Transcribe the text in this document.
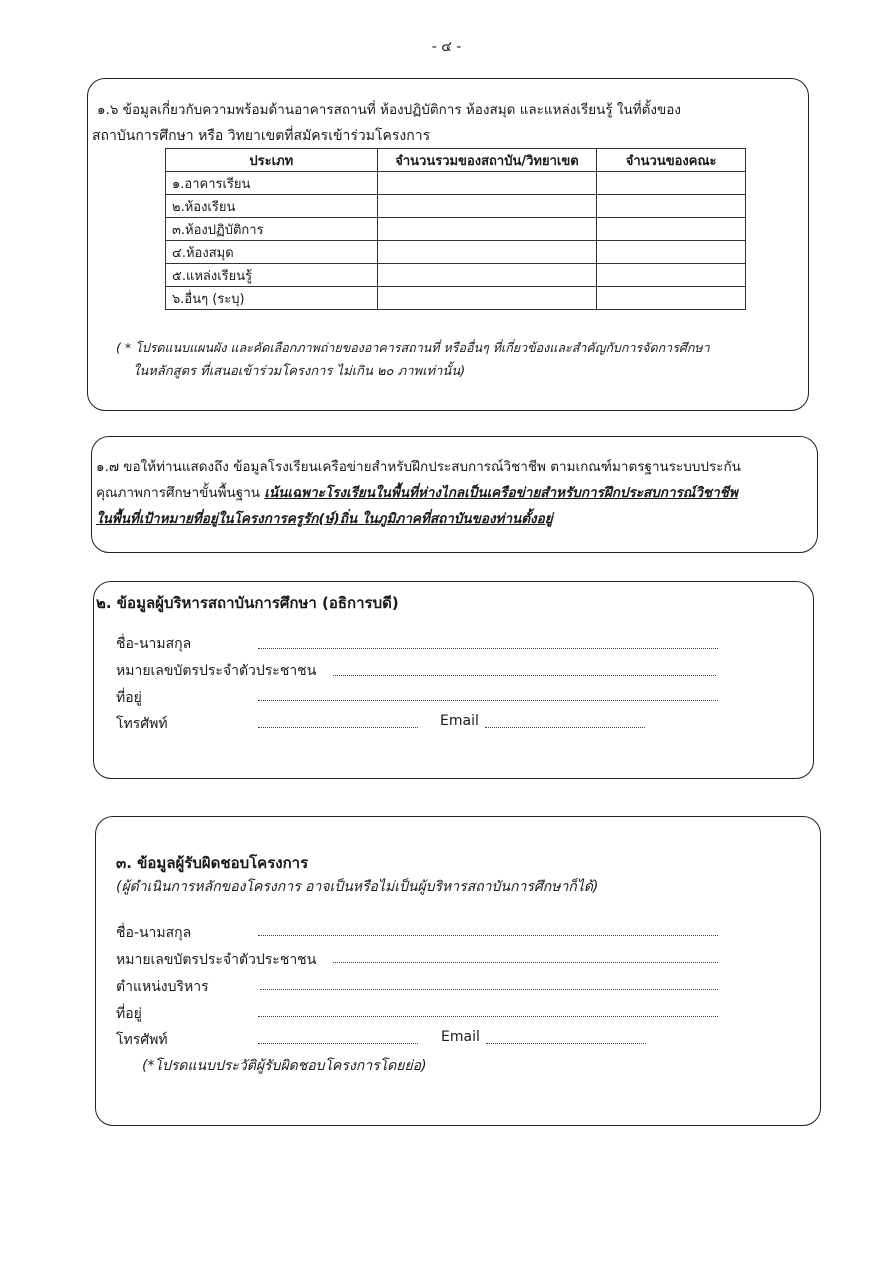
- ๔ -

๑.๖ ข้อมูลเกี่ยวกับความพร้อมด้านอาคารสถานที่ ห้องปฏิบัติการ ห้องสมุด และแหล่งเรียนรู้ ในที่ตั้งของ

สถาบันการศึกษา หรือ วิทยาเขตที่สมัครเข้าร่วมโครงการ

ประเภท	จำนวนรวมของสถาบัน/วิทยาเขต	จำนวนของคณะ
๑.อาคารเรียน		
๒.ห้องเรียน		
๓.ห้องปฏิบัติการ		
๔.ห้องสมุด		
๕.แหล่งเรียนรู้		
๖.อื่นๆ (ระบุ)		

( * โปรดแนบแผนผัง และคัดเลือกภาพถ่ายของอาคารสถานที่ หรืออื่นๆ ที่เกี่ยวข้องและสำคัญกับการจัดการศึกษา

ในหลักสูตร ที่เสนอเข้าร่วมโครงการ ไม่เกิน ๒๐ ภาพเท่านั้น)

๑.๗ ขอให้ท่านแสดงถึง ข้อมูลโรงเรียนเครือข่ายสำหรับฝึกประสบการณ์วิชาชีพ ตามเกณฑ์มาตรฐานระบบประกัน

คุณภาพการศึกษาขั้นพื้นฐาน เน้นเฉพาะโรงเรียนในพื้นที่ห่างไกลเป็นเครือข่ายสำหรับการฝึกประสบการณ์วิชาชีพ

ในพื้นที่เป้าหมายที่อยู่ในโครงการครูรัก(ษ์)ถิ่น ในภูมิภาคที่สถาบันของท่านตั้งอยู่

๒. ข้อมูลผู้บริหารสถาบันการศึกษา (อธิการบดี)

ชื่อ-นามสกุล
หมายเลขบัตรประจำตัวประชาชน
ที่อยู่
โทรศัพท์	Email

๓. ข้อมูลผู้รับผิดชอบโครงการ

(ผู้ดำเนินการหลักของโครงการ อาจเป็นหรือไม่เป็นผู้บริหารสถาบันการศึกษาก็ได้)

ชื่อ-นามสกุล
หมายเลขบัตรประจำตัวประชาชน
ตำแหน่งบริหาร
ที่อยู่
โทรศัพท์	Email
(*โปรดแนบประวัติผู้รับผิดชอบโครงการโดยย่อ)
